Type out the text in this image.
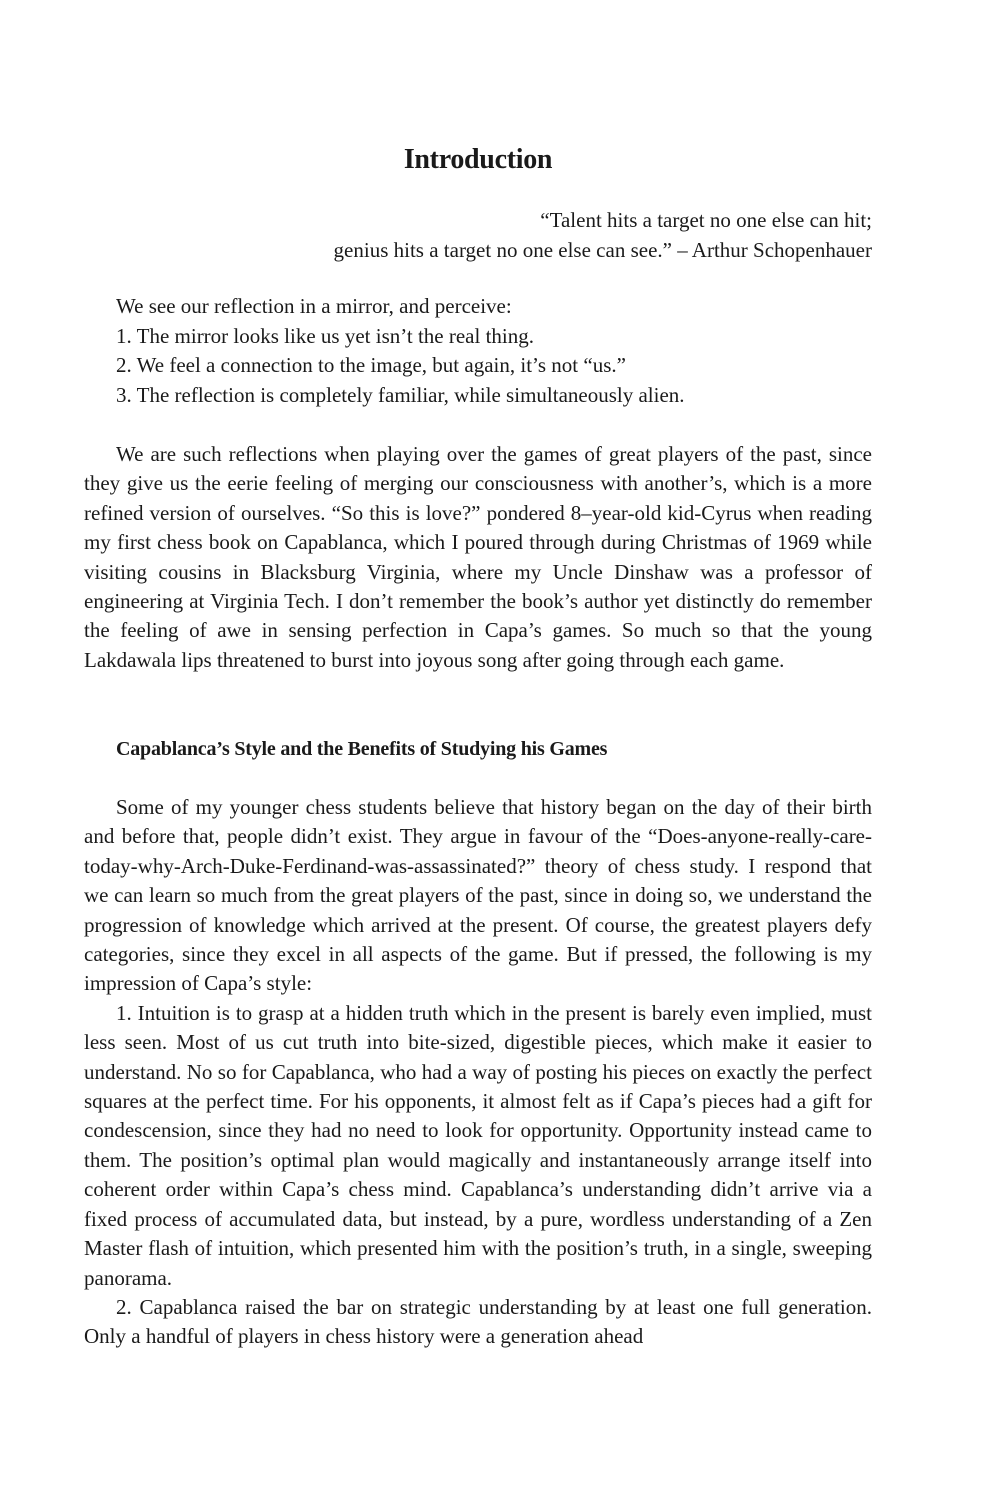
Introduction
“Talent hits a target no one else can hit;
genius hits a target no one else can see.” – Arthur Schopenhauer

We see our reflection in a mirror, and perceive:

1. The mirror looks like us yet isn’t the real thing.

2. We feel a connection to the image, but again, it’s not “us.”

3. The reflection is completely familiar, while simultaneously alien.

We are such reflections when playing over the games of great players of the past, since they give us the eerie feeling of merging our consciousness with another’s, which is a more refined version of ourselves. “So this is love?” pondered 8–year-old kid-Cyrus when reading my first chess book on Capablanca, which I poured through during Christmas of 1969 while visiting cousins in Blacksburg Virginia, where my Uncle Dinshaw was a professor of engineering at Virginia Tech. I don’t remember the book’s author yet distinctly do remember the feeling of awe in sensing perfection in Capa’s games. So much so that the young Lakdawala lips threatened to burst into joyous song after going through each game.

Capablanca’s Style and the Benefits of Studying his Games

Some of my younger chess students believe that history began on the day of their birth and before that, people didn’t exist. They argue in favour of the “Does-anyone-really-care-today-why-Arch-Duke-Ferdinand-was-assassinated?” theory of chess study. I respond that we can learn so much from the great players of the past, since in doing so, we understand the progression of knowledge which arrived at the present. Of course, the greatest players defy categories, since they excel in all aspects of the game. But if pressed, the following is my impression of Capa’s style:

1. Intuition is to grasp at a hidden truth which in the present is barely even implied, must less seen. Most of us cut truth into bite-sized, digestible pieces, which make it easier to understand. No so for Capablanca, who had a way of posting his pieces on exactly the perfect squares at the perfect time. For his opponents, it almost felt as if Capa’s pieces had a gift for condescension, since they had no need to look for opportunity. Opportunity instead came to them. The position’s optimal plan would magically and instantaneously arrange itself into coherent order within Capa’s chess mind. Capablanca’s understanding didn’t arrive via a fixed process of accumulated data, but instead, by a pure, wordless understanding of a Zen Master flash of intuition, which presented him with the position’s truth, in a single, sweeping panorama.

2. Capablanca raised the bar on strategic understanding by at least one full generation. Only a handful of players in chess history were a generation ahead
